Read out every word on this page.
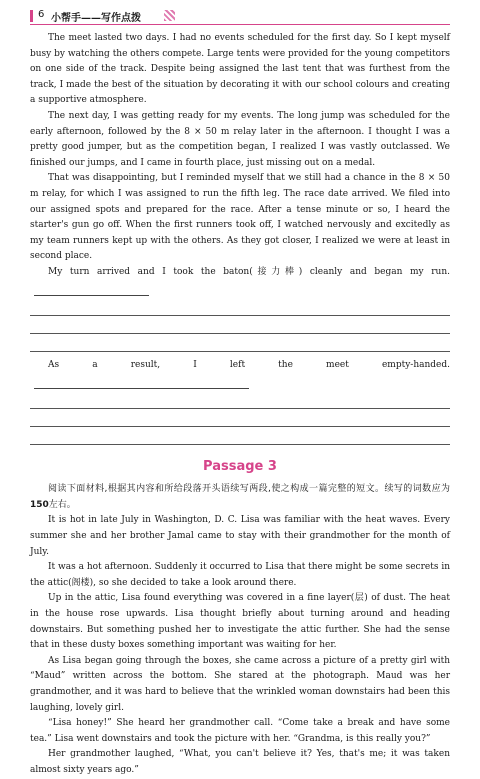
6 小帮手——写作点拨

The meet lasted two days. I had no events scheduled for the first day. So I kept myself busy by watching the others compete. Large tents were provided for the young competitors on one side of the track. Despite being assigned the last tent that was furthest from the track, I made the best of the situation by decorating it with our school colours and creating a supportive atmosphere.

The next day, I was getting ready for my events. The long jump was scheduled for the early afternoon, followed by the 8 × 50 m relay later in the afternoon. I thought I was a pretty good jumper, but as the competition began, I realized I was vastly outclassed. We finished our jumps, and I came in fourth place, just missing out on a medal.

That was disappointing, but I reminded myself that we still had a chance in the 8 × 50 m relay, for which I was assigned to run the fifth leg. The race date arrived. We filed into our assigned spots and prepared for the race. After a tense minute or so, I heard the starter's gun go off. When the first runners took off, I watched nervously and excitedly as my team runners kept up with the others. As they got closer, I realized we were at least in second place.

My turn arrived and I took the baton(接力棒) cleanly and began my run.

As a result, I left the meet empty-handed.

Passage 3

阅读下面材料,根据其内容和所给段落开头语续写两段,使之构成一篇完整的短文。续写的词数应为150左右。

It is hot in late July in Washington, D. C. Lisa was familiar with the heat waves. Every summer she and her brother Jamal came to stay with their grandmother for the month of July.

It was a hot afternoon. Suddenly it occurred to Lisa that there might be some secrets in the attic(阁楼), so she decided to take a look around there.

Up in the attic, Lisa found everything was covered in a fine layer(层) of dust. The heat in the house rose upwards. Lisa thought briefly about turning around and heading downstairs. But something pushed her to investigate the attic further. She had the sense that in these dusty boxes something important was waiting for her.

As Lisa began going through the boxes, she came across a picture of a pretty girl with “Maud” written across the bottom. She stared at the photograph. Maud was her grandmother, and it was hard to believe that the wrinkled woman downstairs had been this laughing, lovely girl.

“Lisa honey!” She heard her grandmother call. “Come take a break and have some tea.” Lisa went downstairs and took the picture with her. “Grandma, is this really you?”

Her grandmother laughed, “What, you can't believe it? Yes, that's me; it was taken almost sixty years ago.”
